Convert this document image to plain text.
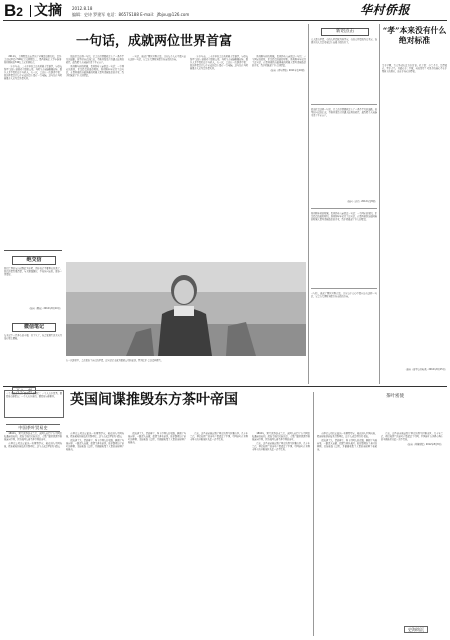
B 2 文摘	2012.8.18
编辑：史诗 罗建军 电话：8657S188 E-mail：jfbjxu@126.com	华村侨报
一句话，成就两位世界首富

2011年，美国财富杂志评出了全球富豪排行榜，比尔·盖茨以净资产560亿美元蝉联第二，墨西哥电信大亨卡洛斯·斯利姆则以740亿美元位居榜首。

三十多年前，二十多岁的盖茨从哈佛大学退学，与好友保罗·艾伦一起创办了微软公司。当时个人电脑刚刚起步，很多人并不看好这个年轻人。有一次，盖茨在一次演讲中说：我的梦想是让每个家庭的桌上都有一台电脑。这句话在当时被很多人认为是异想天开。

然而正是这样一句话，让盖茨带领微软走上了一条不平凡的道路。他坚持自己的信念，不断开发适合普通人使用的软件，最终把个人电脑带进了千家万户。

斯利姆年轻的时候，也曾经听父亲说过一句话：一个国家的危机，正是投资的最好时机。斯利姆牢牢记住了这句话，在墨西哥经济最困难的时候大量买进被低估的企业，终于积累起了巨大的财富。

一句话，成就了两位世界首富。其实每个人心中都应该有这样一句话，它会在关键时刻指引你前进的方向。

三十多年前，二十多岁的盖茨从哈佛大学退学，与好友保罗·艾伦一起创办了微软公司。当时个人电脑刚刚起步，很多人并不看好这个年轻人。有一次，盖茨在一次演讲中说：我的梦想是让每个家庭的桌上都有一台电脑。这句话在当时被很多人认为是异想天开。

斯利姆年轻的时候，也曾经听父亲说过一句话：一个国家的危机，正是投资的最好时机。斯利姆牢牢记住了这句话，在墨西哥经济最困难的时候大量买进被低估的企业，终于积累起了巨大的财富。

（摘自《青年博览》2011年第10期）
绝交信
我们之间的友谊就到此为止吧，请你以后不要再来找我了。我已经想得很清楚，与其勉强维持，不如各自安好。愿你一切都好。
（摘自《雨花》2012年8月10日）
微信笔记
每天记下一件开心的小事，日子久了，你会发现生活其实并没有那么糟糕。
开心一刻
在一次演讲中，盖茨说出了自己的梦想，这句话后来成为微软公司的使命。图为比尔·盖茨资料照片。
新语点击
人人都有梦想，有的人梦想成为科学家，有的人梦想成为艺术家，而更多的人只是希望过上安稳幸福的日子。
然而正是这样一句话，让盖茨带领微软走上了一条不平凡的道路。他坚持自己的信念，不断开发适合普通人使用的软件，最终把个人电脑带进了千家万户。
（摘自《读者》2012年第8期）
斯利姆年轻的时候，也曾经听父亲说过一句话：一个国家的危机，正是投资的最好时机。斯利姆牢牢记住了这句话，在墨西哥经济最困难的时候大量买进被低估的企业，终于积累起了巨大的财富。
一句话，成就了两位世界首富。其实每个人心中都应该有这样一句话，它会在关键时刻指引你前进的方向。
“孝”本来没有什么绝对标准
关于孝顺，古人早就有过许多讨论。孔子说：今之孝者，是谓能养。至于犬马，皆能有养；不敬，何以别乎？可见孝的核心不在于物质上的供养，而在于内心的尊重。
（摘自《新华每日电讯》2012年8月15日）
一个人能走多远，要看他与谁同行；一个人有多优秀，要看他有谁指点；一个人有多成功，要看他与谁相伴。 英国间谍推毁东方茶叶帝国	茶叶密使
中国茶叶贸易史

1842年，鸦片战争结束之后，英国人获得了在中国沿海通商的权利。然而令他们苦恼的是，大量白银仍源源不断地流向中国，因为英国人离不开中国的茶叶。

东印度公司决定派出一名植物学家，秘密潜入中国内地，把茶树和制茶技术带到印度。这个人就是罗伯特·福琼。

东印度公司决定派出一名植物学家，秘密潜入中国内地，把茶树和制茶技术带到印度。这个人就是罗伯特·福琼。

福琼剃了头，留起辫子，穿上中国人的衣服，雇佣了当地向导，一路深入安徽、福建等著名茶区。他仔细观察了茶叶的种植、采摘和加工过程，并偷偷收集了大量的茶树种子和树苗。

福琼剃了头，留起辫子，穿上中国人的衣服，雇佣了当地向导，一路深入安徽、福建等著名茶区。他仔细观察了茶叶的种植、采摘和加工过程，并偷偷收集了大量的茶树种子和树苗。

后来，这些茶苗被运到了印度的喜马拉雅山区。几十年之后，印度和锡兰的茶叶产量超过了中国，中国茶叶在世界市场上的垄断地位从此一去不复返。

1842年，鸦片战争结束之后，英国人获得了在中国沿海通商的权利。然而令他们苦恼的是，大量白银仍源源不断地流向中国，因为英国人离不开中国的茶叶。

后来，这些茶苗被运到了印度的喜马拉雅山区。几十年之后，印度和锡兰的茶叶产量超过了中国，中国茶叶在世界市场上的垄断地位从此一去不复返。

东印度公司决定派出一名植物学家，秘密潜入中国内地，把茶树和制茶技术带到印度。这个人就是罗伯特·福琼。

福琼剃了头，留起辫子，穿上中国人的衣服，雇佣了当地向导，一路深入安徽、福建等著名茶区。他仔细观察了茶叶的种植、采摘和加工过程，并偷偷收集了大量的茶树种子和树苗。

后来，这些茶苗被运到了印度的喜马拉雅山区。几十年之后，印度和锡兰的茶叶产量超过了中国，中国茶叶在世界市场上的垄断地位从此一去不复返。

（摘自《环球时报》2012年8月8日）
史海钩沉
